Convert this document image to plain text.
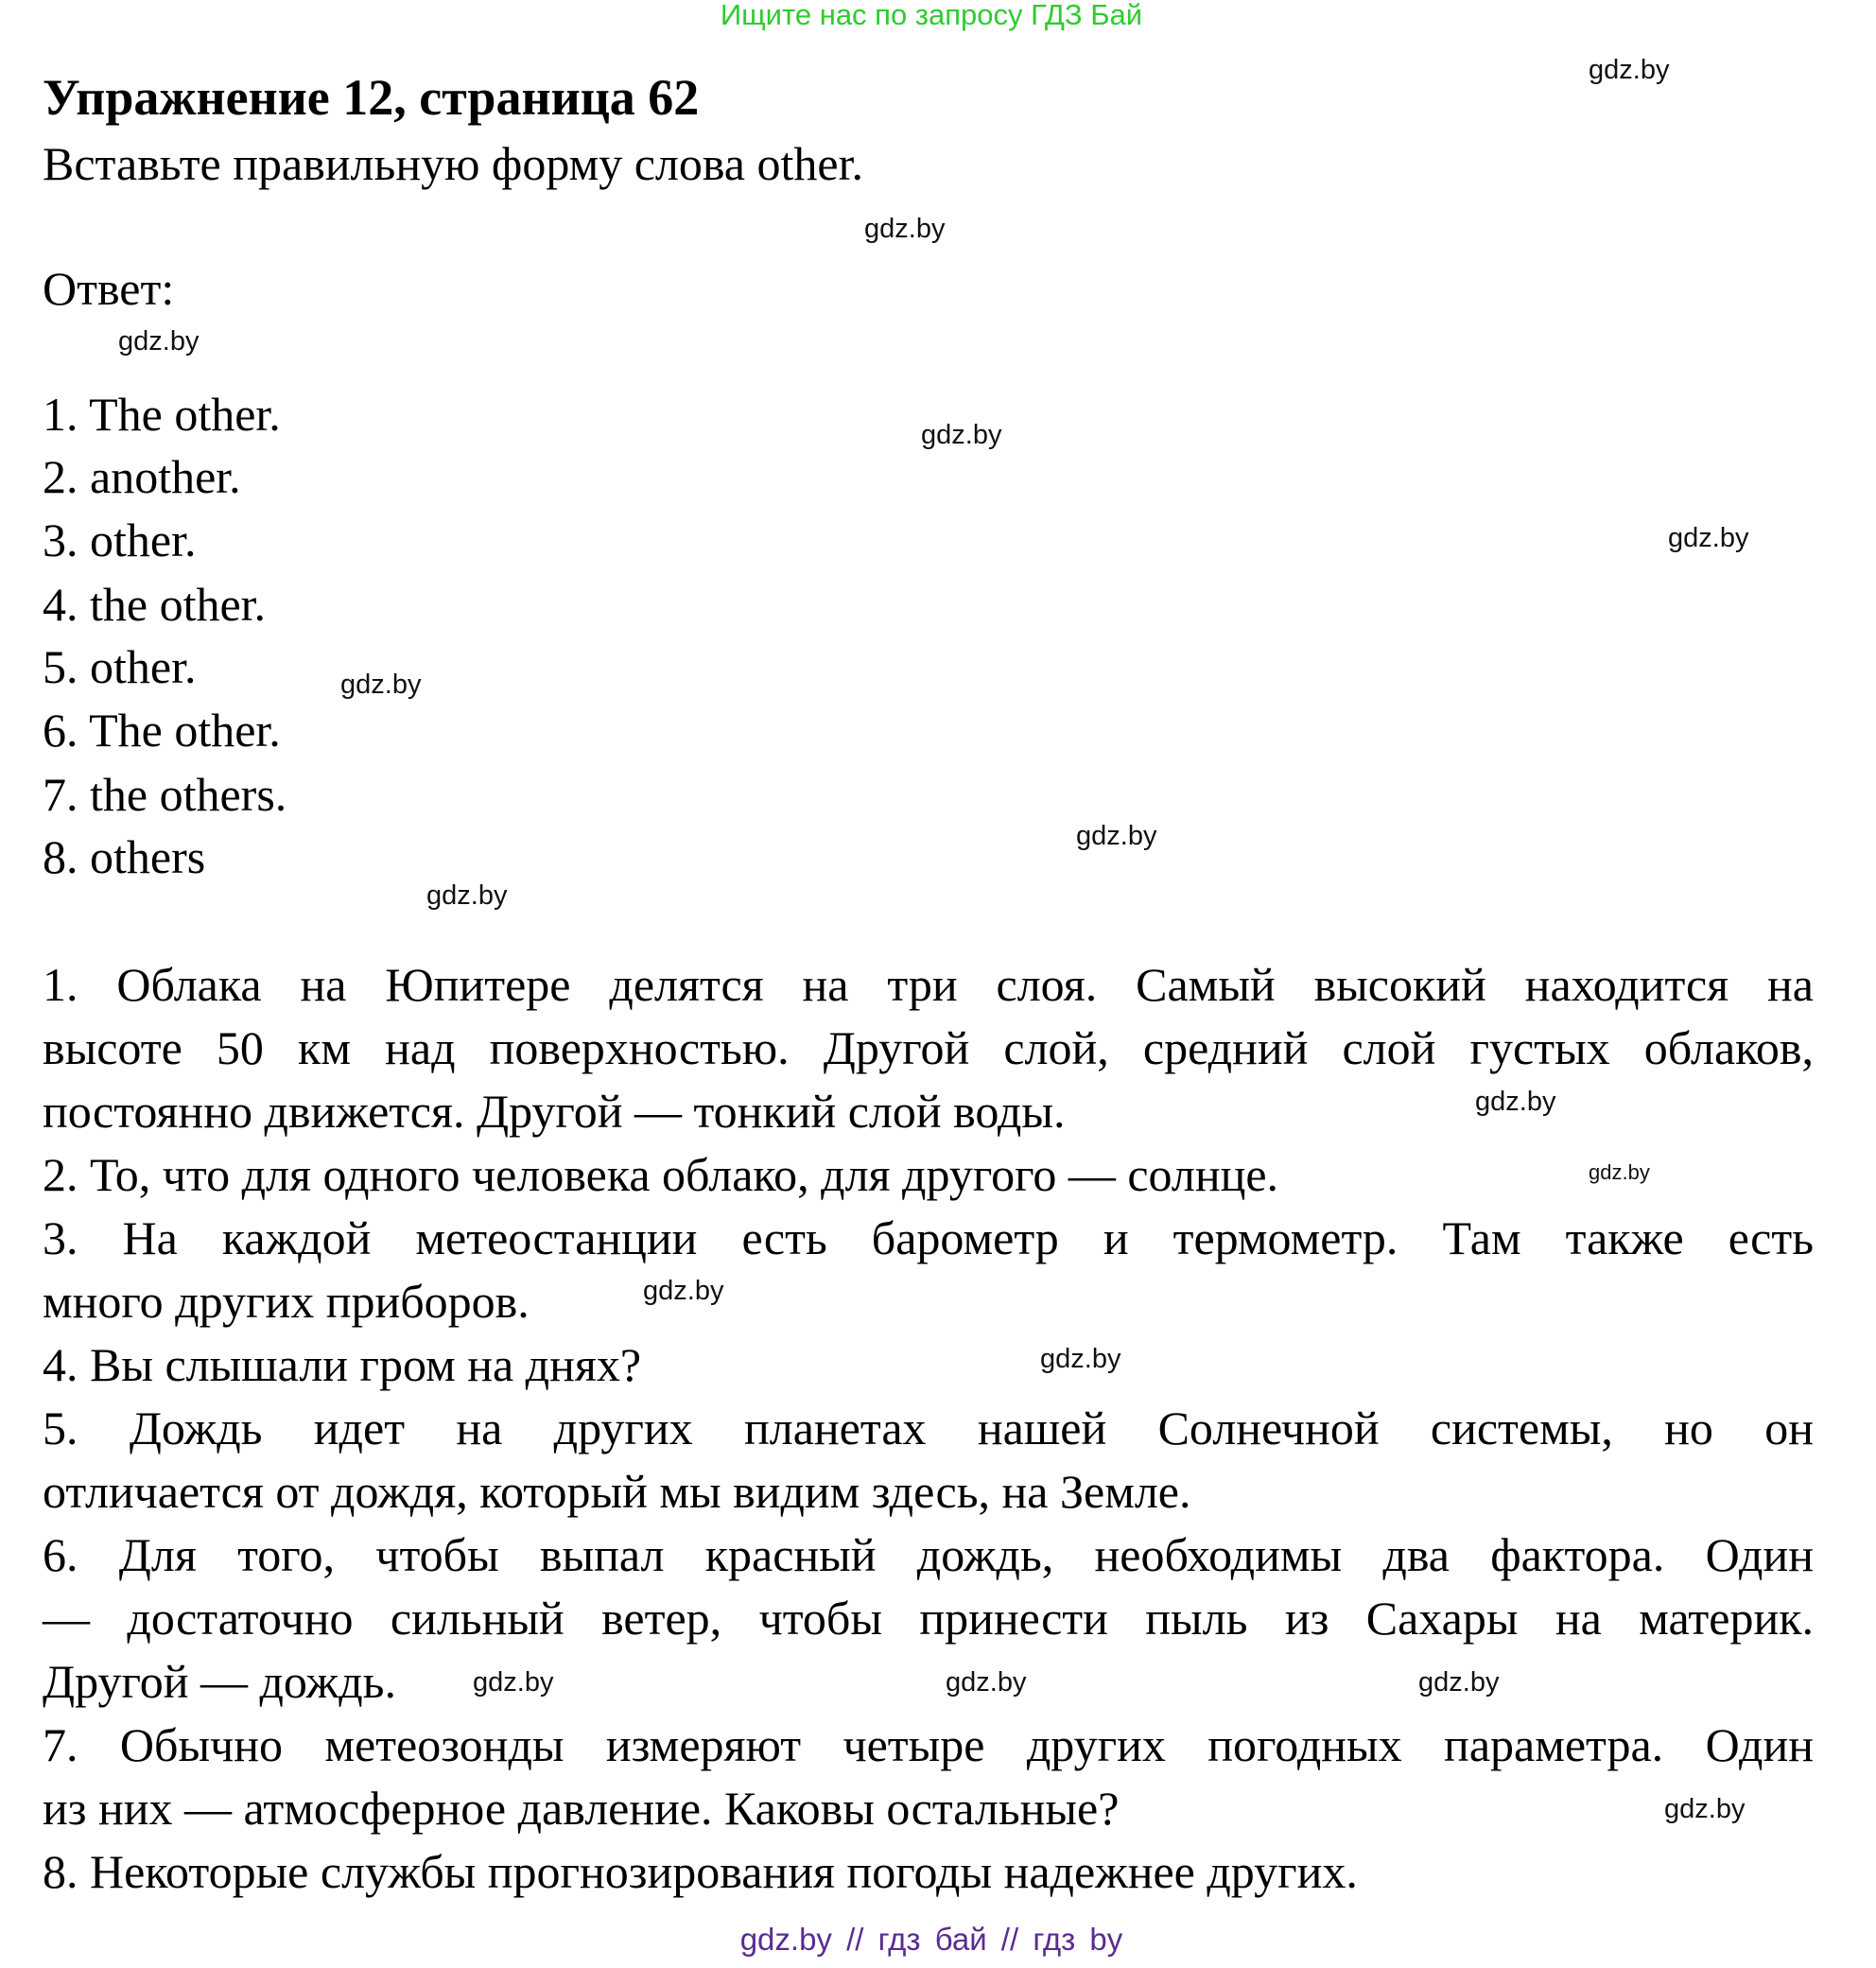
Ищите нас по запросу ГДЗ Бай
Упражнение 12, страница 62
Вставьте правильную форму слова other.
Ответ:
1. The other.
2. another.
3. other.
4. the other.
5. other.
6. The other.
7. the others.
8. others
1. Облака на Юпитере делятся на три слоя. Самый высокий находится на
высоте 50 км над поверхностью. Другой слой, средний слой густых облаков,
постоянно движется. Другой — тонкий слой воды.
2. То, что для одного человека облако, для другого — солнце.
3. На каждой метеостанции есть барометр и термометр. Там также есть
много других приборов.
4. Вы слышали гром на днях?
5. Дождь идет на других планетах нашей Солнечной системы, но он
отличается от дождя, который мы видим здесь, на Земле.
6. Для того, чтобы выпал красный дождь, необходимы два фактора. Один
— достаточно сильный ветер, чтобы принести пыль из Сахары на материк.
Другой — дождь.
7. Обычно метеозонды измеряют четыре других погодных параметра. Один
из них — атмосферное давление. Каковы остальные?
8. Некоторые службы прогнозирования погоды надежнее других.
gdz.by
gdz.by
gdz.by
gdz.by
gdz.by
gdz.by
gdz.by
gdz.by
gdz.by
gdz.by
gdz.by
gdz.by
gdz.by
gdz.by	gdz.by
gdz.by
gdz.by // гдз бай // гдз by
